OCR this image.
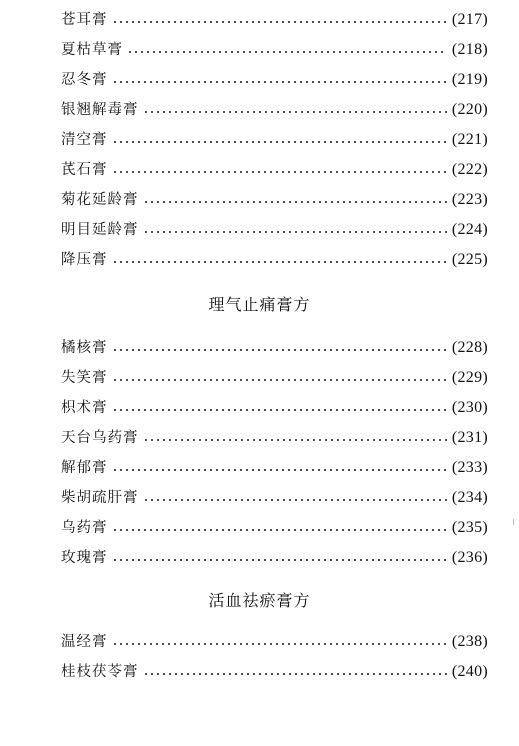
苍耳膏	(217)
夏枯草膏	(218)
忍冬膏	(219)
银翘解毒膏	(220)
清空膏	(221)
芪石膏	(222)
菊花延龄膏	(223)
明目延龄膏	(224)
降压膏	(225)
理气止痛膏方
橘核膏	(228)
失笑膏	(229)
枳术膏	(230)
天台乌药膏	(231)
解郁膏	(233)
柴胡疏肝膏	(234)
乌药膏	(235)
玫瑰膏	(236)
活血祛瘀膏方
温经膏	(238)
桂枝茯苓膏	(240)
